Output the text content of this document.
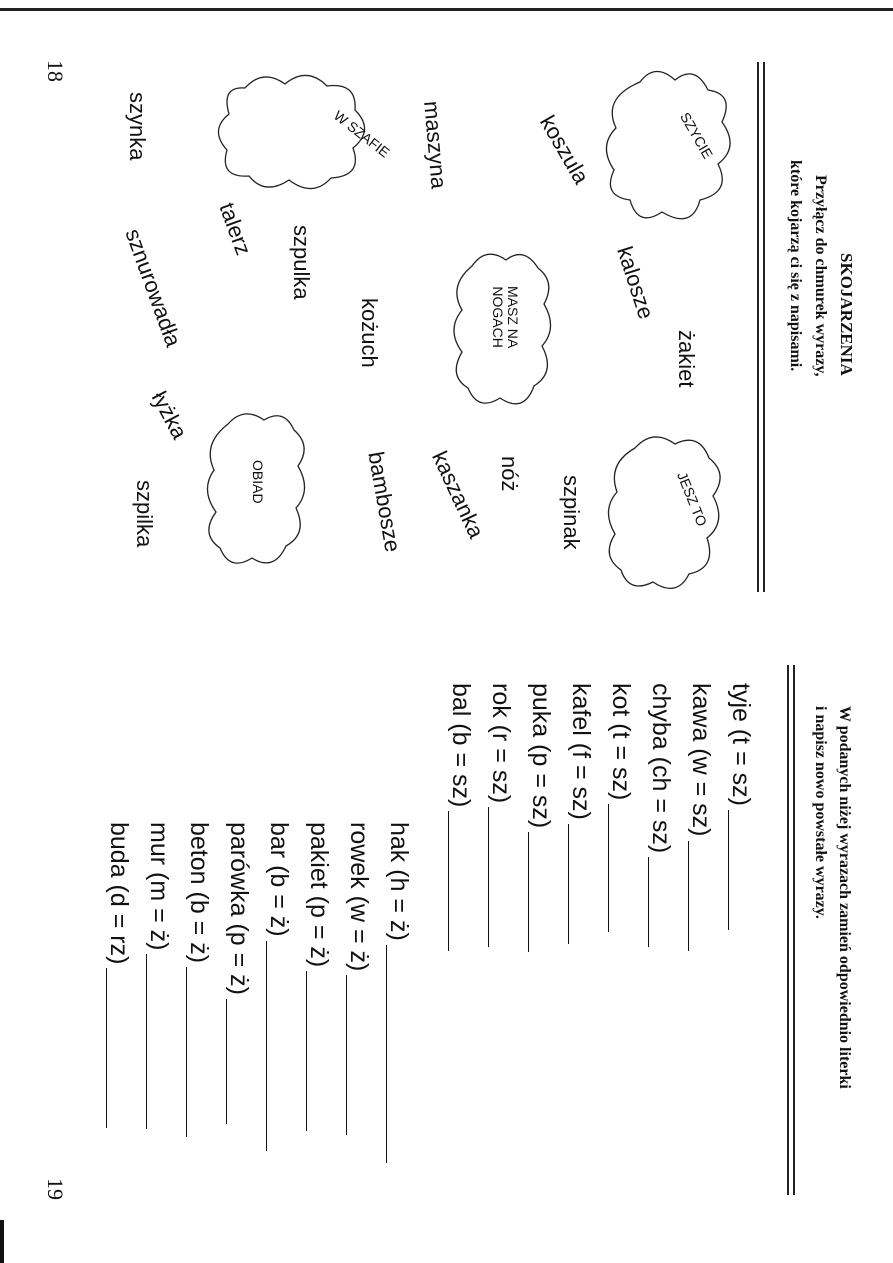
18
19
SKOJARZENIA
Przyłącz do chmurek wyrazy,
które kojarzą ci się z napisami.
SZYCIE
W SZAFIE
MASZ NA
NOGACH
JESZ TO
OBIAD
koszula
maszyna
szynka
kalosze
szpulka
talerz
żakiet
kożuch
sznurowadła
nóż
szpinak
kaszanka
bambosze
łyżka
szpilka
W podanych niżej wyrazach zamień odpowiednio literki
i napisz nowo powstałe wyrazy.
tyje (t = sz)
kawa (w = sz)
chyba (ch = sz)
kot (t = sz)
kafel (f = sz)
puka (p = sz)
rok (r = sz)
bal (b = sz)
hak (h = ż)
rowek (w = ż)
pakiet (p = ż)
bar (b = ż)
parówka (p = ż)
beton (b = ż)
mur (m = ż)
buda (d = rz)
